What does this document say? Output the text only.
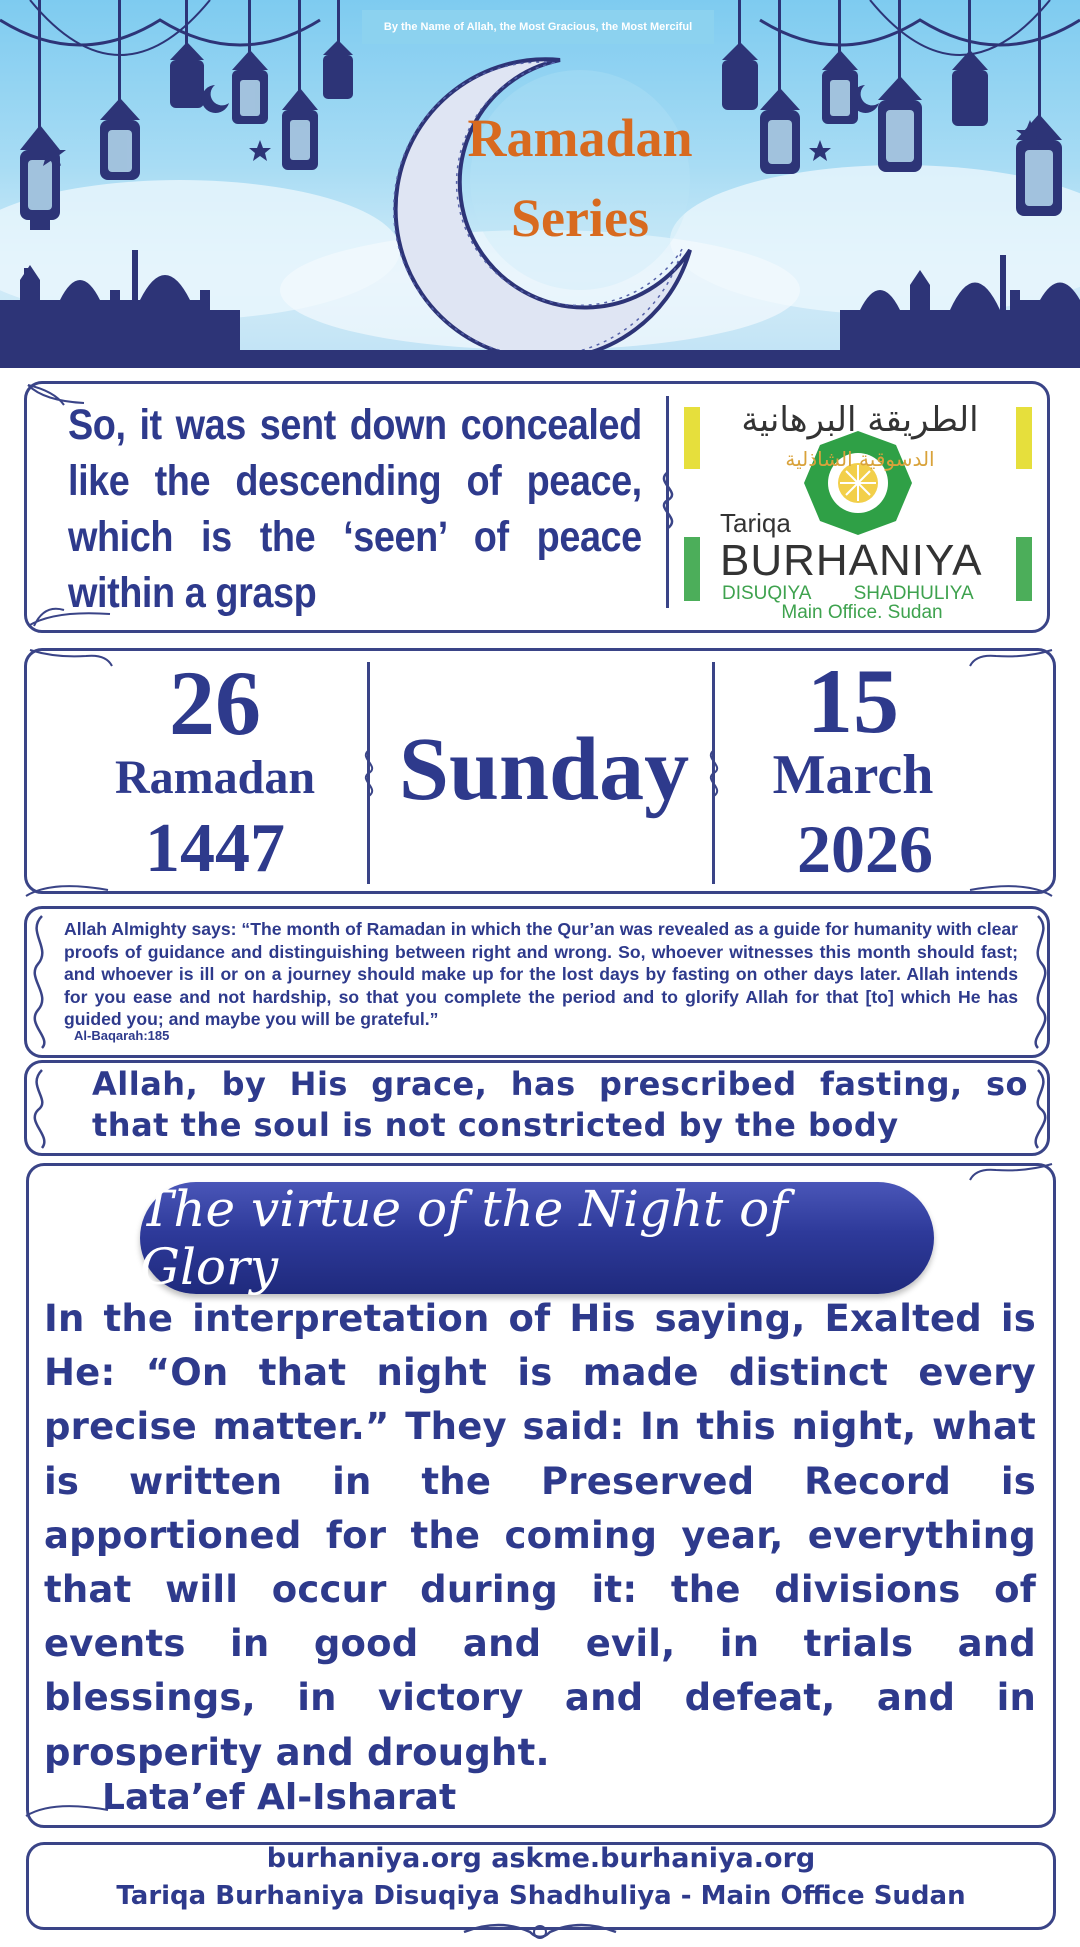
By the Name of Allah, the Most Gracious, the Most Merciful
Ramadan
Series
So, it was sent down concealed like the descending of peace, which is the ‘seen’ of peace within a grasp
الطريقة البرهانية
الدسوقية الشاذلية
Tariqa
BURHANIYA
DISUQIYA SHADHULIYA
Main Office. Sudan
26
Ramadan
1447
Sunday
15
March
2026
Allah Almighty says: “The month of Ramadan in which the Qur’an was revealed as a guide for humanity with clear proofs of guidance and distinguishing between right and wrong. So, whoever witnesses this month should fast; and whoever is ill or on a journey should make up for the lost days by fasting on other days later. Allah intends for you ease and not hardship, so that you complete the period and to glorify Allah for that [to] which He has guided you; and maybe you will be grateful.”
Al-Baqarah:185
Allah, by His grace, has prescribed fasting, so that the soul is not constricted by the body
The virtue of the Night of Glory
In the interpretation of His saying, Exalted is He: “On that night is made distinct every precise matter.” They said: In this night, what is written in the Preserved Record is apportioned for the coming year, everything that will occur during it: the divisions of events in good and evil, in trials and blessings, in victory and defeat, and in prosperity and drought.
Lata’ef Al-Isharat
burhaniya.org askme.burhaniya.org
Tariqa Burhaniya Disuqiya Shadhuliya - Main Office Sudan
